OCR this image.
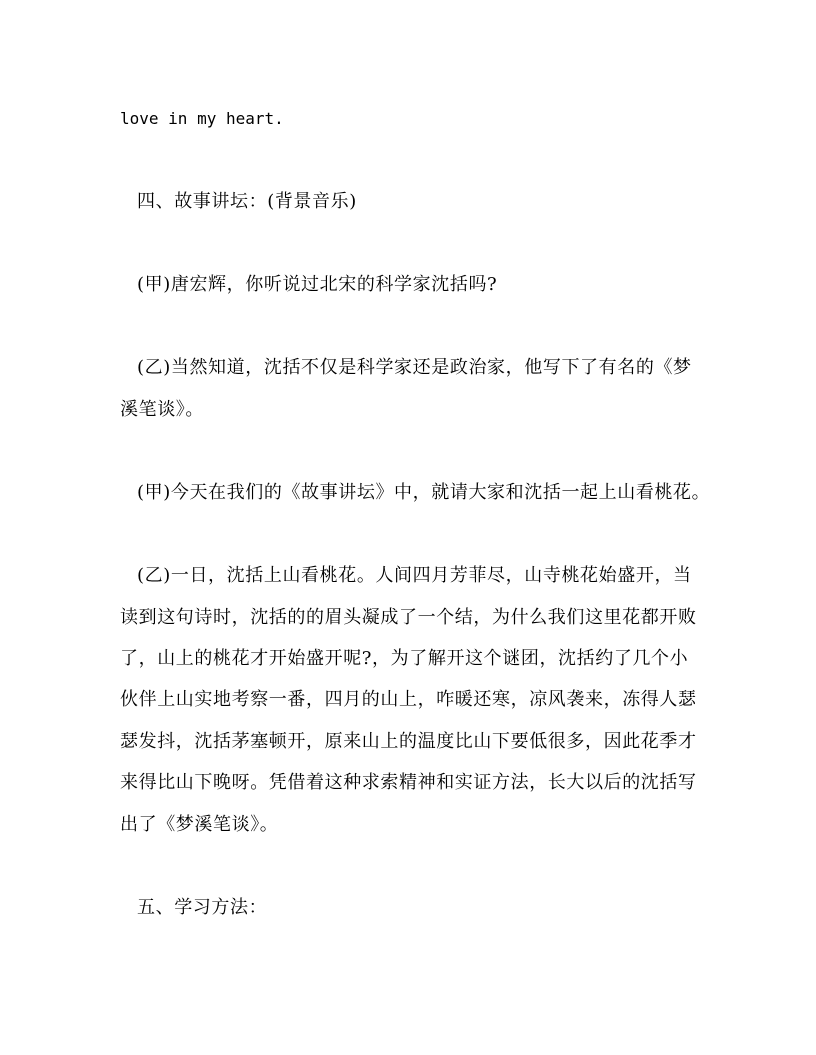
love in my heart.

四、故事讲坛：(背景音乐)

(甲)唐宏辉，你听说过北宋的科学家沈括吗?

(乙)当然知道，沈括不仅是科学家还是政治家，他写下了有名的《梦

溪笔谈》。

(甲)今天在我们的《故事讲坛》中，就请大家和沈括一起上山看桃花。

(乙)一日，沈括上山看桃花。人间四月芳菲尽，山寺桃花始盛开，当

读到这句诗时，沈括的的眉头凝成了一个结，为什么我们这里花都开败

了，山上的桃花才开始盛开呢?，为了解开这个谜团，沈括约了几个小

伙伴上山实地考察一番，四月的山上，咋暖还寒，凉风袭来，冻得人瑟

瑟发抖，沈括茅塞顿开，原来山上的温度比山下要低很多，因此花季才

来得比山下晚呀。凭借着这种求索精神和实证方法，长大以后的沈括写

出了《梦溪笔谈》。

五、学习方法：
